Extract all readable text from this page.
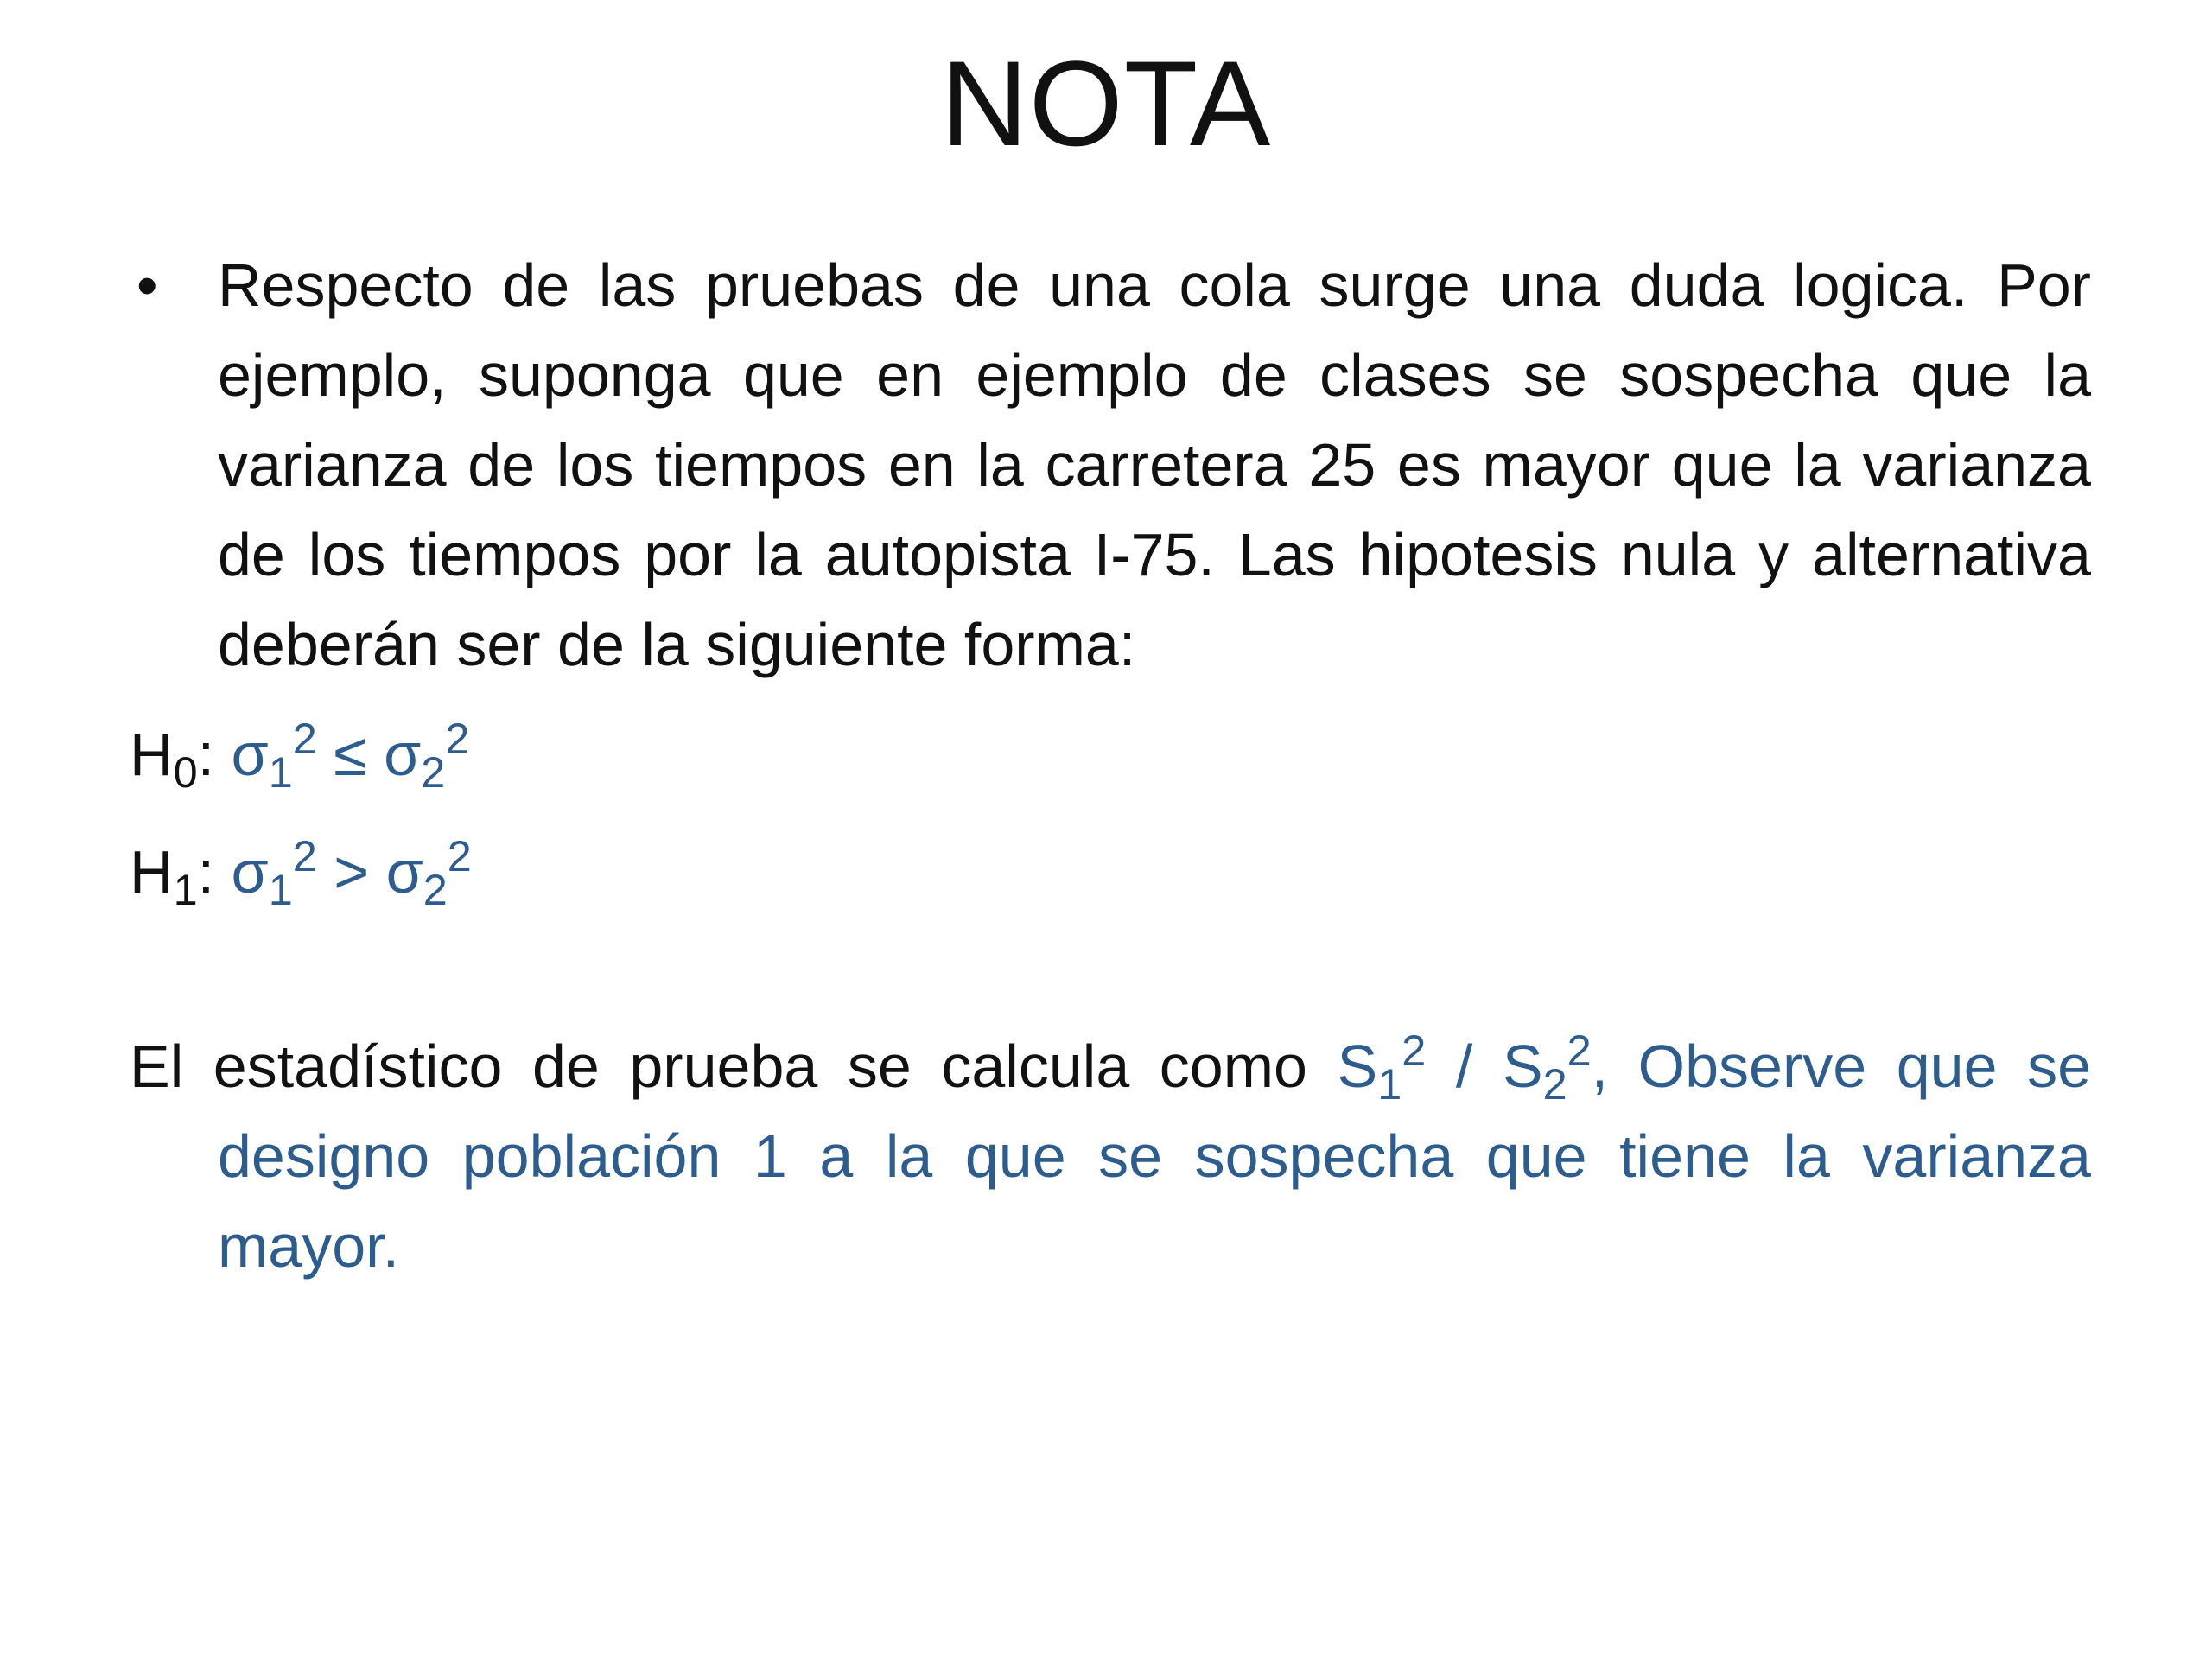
NOTA
• Respecto de las pruebas de una cola surge una duda logica. Por ejemplo, suponga que en ejemplo de clases se sospecha que la varianza de los tiempos en la carretera 25 es mayor que la varianza de los tiempos por la autopista I-75. Las hipotesis nula y alternativa deberán ser de la siguiente forma:
$H_0$: $\sigma_1^2 \le \sigma_2^2$
$H_1$: $\sigma_1^2 > \sigma_2^2$
El estadístico de prueba se calcula como $S_1^2 / S_2^2$, Observe que se designo población 1 a la que se sospecha que tiene la varianza mayor.
